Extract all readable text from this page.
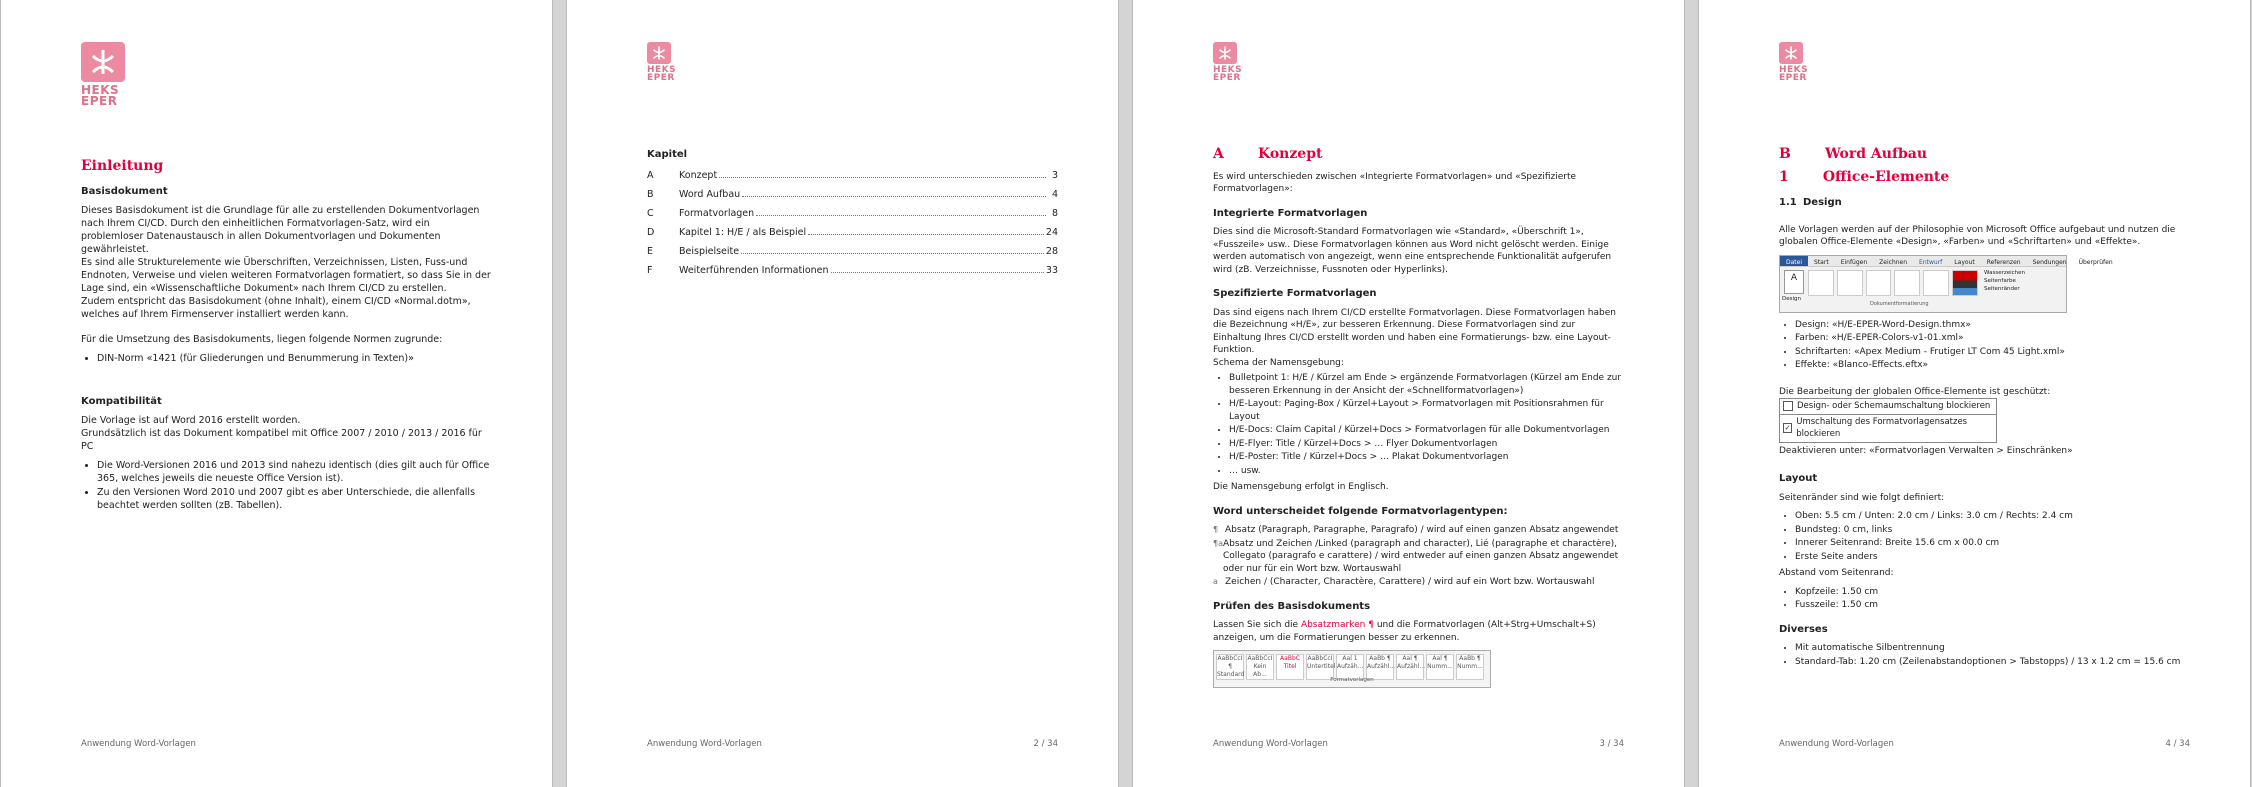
HEKS
EPER
Einleitung
Basisdokument

Dieses Basisdokument ist die Grundlage für alle zu erstellenden Dokumentvorlagen nach Ihrem CI/CD. Durch den einheitlichen Formatvorlagen-Satz, wird ein problemloser Datenaustausch in allen Dokumentvorlagen und Dokumenten gewährleistet.

Es sind alle Strukturelemente wie Überschriften, Verzeichnissen, Listen, Fuss-und Endnoten, Verweise und vielen weiteren Formatvorlagen formatiert, so dass Sie in der Lage sind, ein «Wissenschaftliche Dokument» nach Ihrem CI/CD zu erstellen.

Zudem entspricht das Basisdokument (ohne Inhalt), einem CI/CD «Normal.dotm», welches auf Ihrem Firmenserver installiert werden kann.

Für die Umsetzung des Basisdokuments, liegen folgende Normen zugrunde:

• DIN-Norm «1421 (für Gliederungen und Benummerung in Texten)»
Kompatibilität

Die Vorlage ist auf Word 2016 erstellt worden.

Grundsätzlich ist das Dokument kompatibel mit Office 2007 / 2010 / 2013 / 2016 für PC

• Die Word-Versionen 2016 und 2013 sind nahezu identisch (dies gilt auch für Office 365, welches jeweils die neueste Office Version ist).
• Zu den Versionen Word 2010 und 2007 gibt es aber Unterschiede, die allenfalls beachtet werden sollten (zB. Tabellen).
Anwendung Word-Vorlagen
HEKS
EPER
Kapitel
A	Konzept	3
B	Word Aufbau	4
C	Formatvorlagen	8
D	Kapitel 1: H/E / als Beispiel	24
E	Beispielseite	28
F	Weiterführenden Informationen	33
Anwendung Word-Vorlagen	2 / 34
HEKS
EPER
A       Konzept

Es wird unterschieden zwischen «Integrierte Formatvorlagen» und «Spezifizierte Formatvorlagen»:

Integrierte Formatvorlagen

Dies sind die Microsoft-Standard Formatvorlagen wie «Standard», «Überschrift 1», «Fusszeile» usw.. Diese Formatvorlagen können aus Word nicht gelöscht werden. Einige werden automatisch von angezeigt, wenn eine entsprechende Funktionalität aufgerufen wird (zB. Verzeichnisse, Fussnoten oder Hyperlinks).

Spezifizierte Formatvorlagen

Das sind eigens nach Ihrem CI/CD erstellte Formatvorlagen. Diese Formatvorlagen haben die Bezeichnung «H/E», zur besseren Erkennung. Diese Formatvorlagen sind zur Einhaltung Ihres CI/CD erstellt worden und haben eine Formatierungs- bzw. eine Layout-Funktion.

Schema der Namensgebung:

• Bulletpoint 1: H/E / Kürzel am Ende > ergänzende Formatvorlagen (Kürzel am Ende zur besseren Erkennung in der Ansicht der «Schnellformatvorlagen»)
• H/E-Layout: Paging-Box / Kürzel+Layout > Formatvorlagen mit Positionsrahmen für Layout
• H/E-Docs: Claim Capital / Kürzel+Docs > Formatvorlagen für alle Dokumentvorlagen
• H/E-Flyer: Title / Kürzel+Docs > … Flyer Dokumentvorlagen
• H/E-Poster: Title / Kürzel+Docs > … Plakat Dokumentvorlagen
• … usw.

Die Namensgebung erfolgt in Englisch.

Word unterscheidet folgende Formatvorlagentypen:
¶ Absatz (Paragraph, Paragraphe, Paragrafo) / wird auf einen ganzen Absatz angewendet
¶a Absatz und Zeichen /Linked (paragraph and character), Lié (paragraphe et charactère), Collegato (paragrafo e carattere) / wird entweder auf einen ganzen Absatz angewendet oder nur für ein Wort bzw. Wortauswahl
a Zeichen / (Character, Charactère, Carattere) / wird auf ein Wort bzw. Wortauswahl
Prüfen des Basisdokuments

Lassen Sie sich die Absatzmarken ¶ und die Formatvorlagen (Alt+Strg+Umschalt+S) anzeigen, um die Formatierungen besser zu erkennen.

AaBbCcI ¶ Standard
AaBbCcI Kein Ab...
AaBbC Titel
AaBbCcI Untertitel
Aal 1 Aufzäh...
AaBb ¶ Aufzähl...
Aal ¶ Aufzähl...
Aal ¶ Numm...
AaBb ¶ Numm...
Formatvorlagen
Anwendung Word-Vorlagen	3 / 34
HEKS
EPER
B       Word Aufbau
1       Office-Elemente
1.1 Design

Alle Vorlagen werden auf der Philosophie von Microsoft Office aufgebaut und nutzen die globalen Office-Elemente «Design», «Farben» und «Schriftarten» und «Effekte».

Datei	Start	Einfügen	Zeichnen	Entwurf	Layout	Referenzen	Sendungen	Überprüfen
A
Design
Wasserzeichen
Seitenfarbe
Seitenränder
Dokumentformatierung
• Design: «H/E-EPER-Word-Design.thmx»
• Farben: «H/E-EPER-Colors-v1-01.xml»
• Schriftarten: «Apex Medium - Frutiger LT Com 45 Light.xml»
• Effekte: «Blanco-Effects.eftx»

Die Bearbeitung der globalen Office-Elemente ist geschützt:

Design- oder Schemaumschaltung blockieren
✓
Umschaltung des Formatvorlagensatzes blockieren

Deaktivieren unter: «Formatvorlagen Verwalten > Einschränken»

Layout

Seitenränder sind wie folgt definiert:

• Oben: 5.5 cm / Unten: 2.0 cm / Links: 3.0 cm / Rechts: 2.4 cm
• Bundsteg: 0 cm, links
• Innerer Seitenrand: Breite 15.6 cm x 00.0 cm
• Erste Seite anders

Abstand vom Seitenrand:

• Kopfzeile: 1.50 cm
• Fusszeile: 1.50 cm
Diverses
• Mit automatische Silbentrennung
• Standard-Tab: 1.20 cm (Zeilenabstandoptionen > Tabstopps) / 13 x 1.2 cm = 15.6 cm
Anwendung Word-Vorlagen	4 / 34
